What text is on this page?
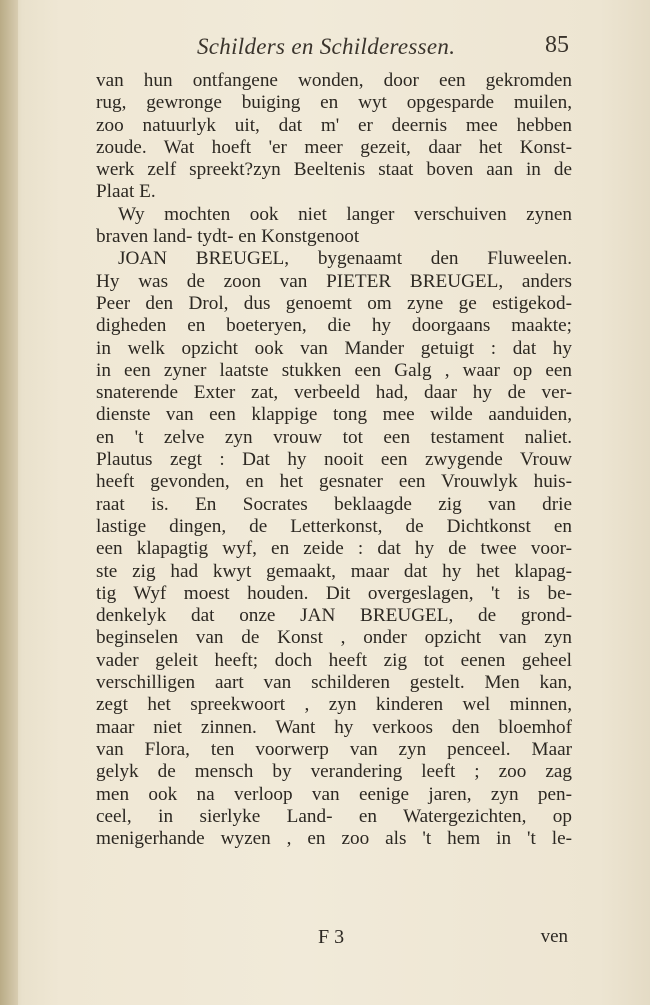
Schilders en Schilderessen.	85
van hun ontfangene wonden, door een gekromden
rug, gewronge buiging en wyt opgesparde muilen,
zoo natuurlyk uit, dat m' er deernis mee hebben
zoude. Wat hoeft 'er meer gezeit, daar het Konst-
werk zelf spreekt?zyn Beeltenis staat boven aan in de
Plaat E.
Wy mochten ook niet langer verschuiven zynen
braven land- tydt- en Konstgenoot
JOAN BREUGEL, bygenaamt den Fluweelen.
Hy was de zoon van PIETER BREUGEL, anders
Peer den Drol, dus genoemt om zyne ge estigekod-
digheden en boeteryen, die hy doorgaans maakte;
in welk opzicht ook van Mander getuigt : dat hy
in een zyner laatste stukken een Galg , waar op een
snaterende Exter zat, verbeeld had, daar hy de ver-
dienste van een klappige tong mee wilde aanduiden,
en 't zelve zyn vrouw tot een testament naliet.
Plautus zegt : Dat hy nooit een zwygende Vrouw
heeft gevonden, en het gesnater een Vrouwlyk huis-
raat is. En Socrates beklaagde zig van drie
lastige dingen, de Letterkonst, de Dichtkonst en
een klapagtig wyf, en zeide : dat hy de twee voor-
ste zig had kwyt gemaakt, maar dat hy het klapag-
tig Wyf moest houden. Dit overgeslagen, 't is be-
denkelyk dat onze JAN BREUGEL, de grond-
beginselen van de Konst , onder opzicht van zyn
vader geleit heeft; doch heeft zig tot eenen geheel
verschilligen aart van schilderen gestelt. Men kan,
zegt het spreekwoort , zyn kinderen wel minnen,
maar niet zinnen. Want hy verkoos den bloemhof
van Flora, ten voorwerp van zyn penceel. Maar
gelyk de mensch by verandering leeft ; zoo zag
men ook na verloop van eenige jaren, zyn pen-
ceel, in sierlyke Land- en Watergezichten, op
menigerhande wyzen , en zoo als 't hem in 't le-
F 3	ven
